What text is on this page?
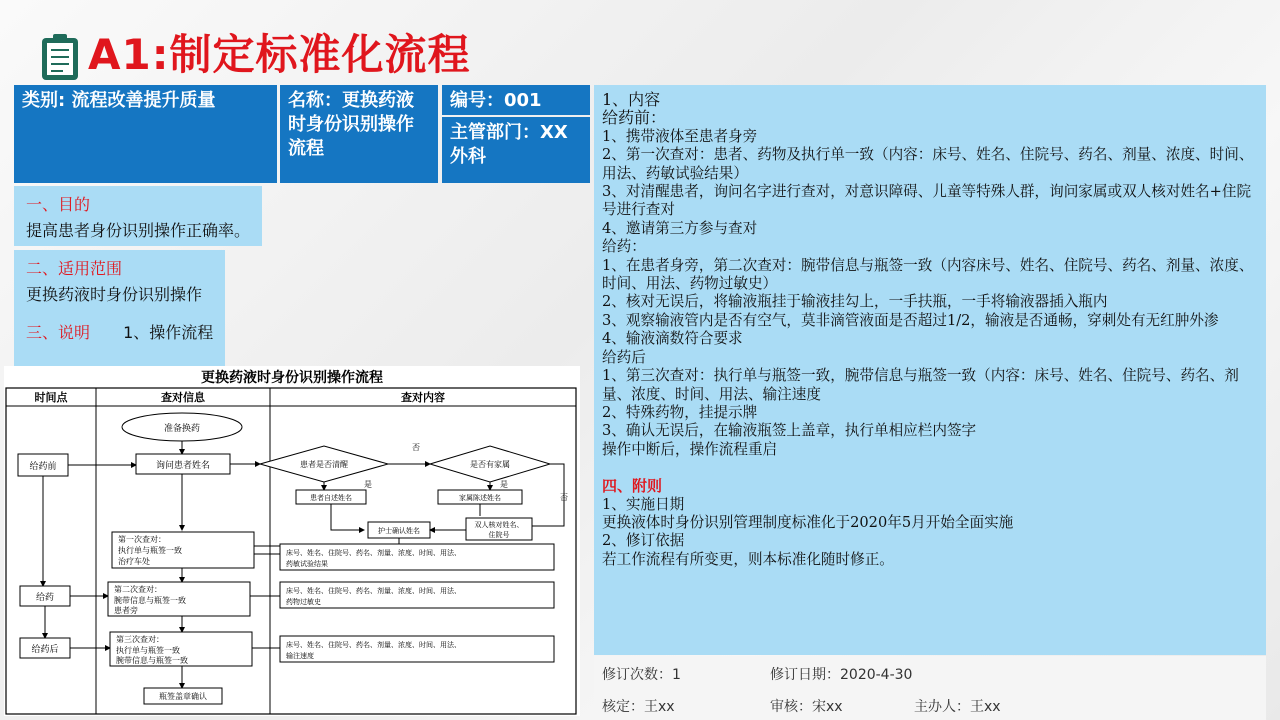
A1:制定标准化流程
类别: 流程改善提升质量	名称：更换药液时身份识别操作流程
编号：001
主管部门：XX外科
一、目的
提高患者身份识别操作正确率。
二、适用范围
更换药液时身份识别操作
三、说明 1、操作流程
更换药液时身份识别操作流程
时间点	查对信息	查对内容
准备换药
给药前	询问患者姓名	患者是否清醒
否
是否有家属
否
是
患者自述姓名
是
家属陈述姓名
护士确认姓名
双人核对姓名、
住院号
第一次查对：
执行单与瓶签一致
治疗车处
床号、姓名、住院号、药名、剂量、浓度、时间、用法、
药敏试验结果
给药
第二次查对：
腕带信息与瓶签一致
患者旁
床号、姓名、住院号、药名、剂量、浓度、时间、用法、
药物过敏史
给药后
第三次查对：
执行单与瓶签一致
腕带信息与瓶签一致
床号、姓名、住院号、药名、剂量、浓度、时间、用法、
输注速度
瓶签盖章确认
1、内容
给药前：
1、携带液体至患者身旁
2、第一次查对：患者、药物及执行单一致（内容：床号、姓名、住院号、药名、剂量、浓度、时间、用法、药敏试验结果）
3、对清醒患者，询问名字进行查对，对意识障碍、儿童等特殊人群，询问家属或双人核对姓名+住院号进行查对
4、邀请第三方参与查对
给药：
1、在患者身旁，第二次查对：腕带信息与瓶签一致（内容床号、姓名、住院号、药名、剂量、浓度、时间、用法、药物过敏史）
2、核对无误后，将输液瓶挂于输液挂勾上，一手扶瓶，一手将输液器插入瓶内
3、观察输液管内是否有空气，莫非滴管液面是否超过1/2，输液是否通畅，穿刺处有无红肿外渗
4、输液滴数符合要求
给药后
1、第三次查对：执行单与瓶签一致，腕带信息与瓶签一致（内容：床号、姓名、住院号、药名、剂量、浓度、时间、用法、输注速度
2、特殊药物，挂提示牌
3、确认无误后，在输液瓶签上盖章，执行单相应栏内签字
操作中断后，操作流程重启
四、附则
1、实施日期
更换液体时身份识别管理制度标准化于2020年5月开始全面实施
2、修订依据
若工作流程有所变更，则本标准化随时修正。
修订次数：1	修订日期：2020-4-30
核定：王xx	审核：宋xx	主办人：王xx
